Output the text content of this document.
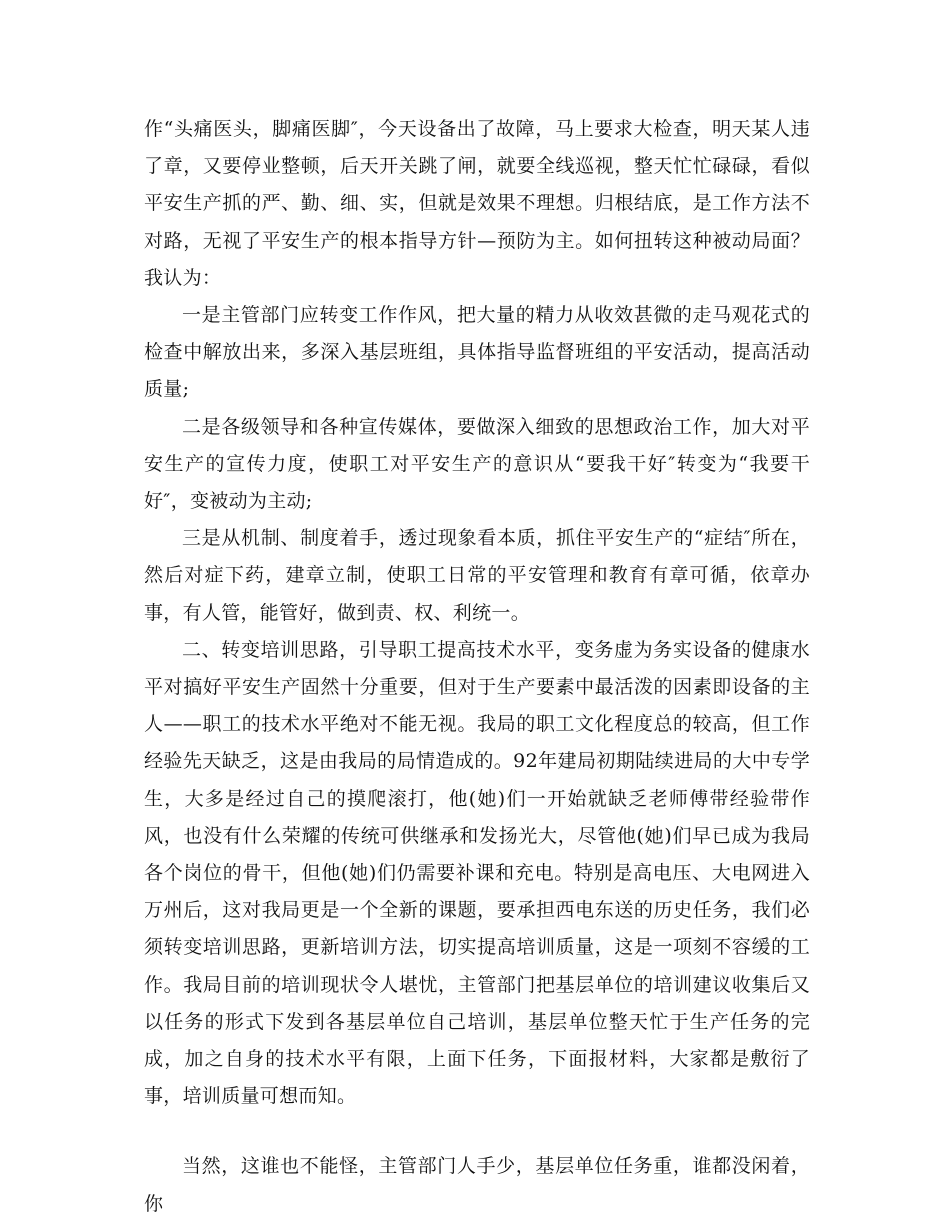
作“头痛医头，脚痛医脚″，今天设备出了故障，马上要求大检查，明天某人违了章，又要停业整顿，后天开关跳了闸，就要全线巡视，整天忙忙碌碌，看似平安生产抓的严、勤、细、实，但就是效果不理想。归根结底，是工作方法不对路，无视了平安生产的根本指导方针—预防为主。如何扭转这种被动局面？我认为：

一是主管部门应转变工作作风，把大量的精力从收效甚微的走马观花式的检查中解放出来，多深入基层班组，具体指导监督班组的平安活动，提高活动质量;

二是各级领导和各种宣传媒体，要做深入细致的思想政治工作，加大对平安生产的宣传力度，使职工对平安生产的意识从“要我干好″转变为“我要干好″，变被动为主动;

三是从机制、制度着手，透过现象看本质，抓住平安生产的“症结″所在，然后对症下药，建章立制，使职工日常的平安管理和教育有章可循，依章办事，有人管，能管好，做到责、权、利统一。

二、转变培训思路，引导职工提高技术水平，变务虚为务实设备的健康水平对搞好平安生产固然十分重要，但对于生产要素中最活泼的因素即设备的主人——职工的技术水平绝对不能无视。我局的职工文化程度总的较高，但工作经验先天缺乏，这是由我局的局情造成的。92年建局初期陆续进局的大中专学生，大多是经过自己的摸爬滚打，他(她)们一开始就缺乏老师傅带经验带作风，也没有什么荣耀的传统可供继承和发扬光大，尽管他(她)们早已成为我局各个岗位的骨干，但他(她)们仍需要补课和充电。特别是高电压、大电网进入万州后，这对我局更是一个全新的课题，要承担西电东送的历史任务，我们必须转变培训思路，更新培训方法，切实提高培训质量，这是一项刻不容缓的工作。我局目前的培训现状令人堪忧，主管部门把基层单位的培训建议收集后又以任务的形式下发到各基层单位自己培训，基层单位整天忙于生产任务的完成，加之自身的技术水平有限，上面下任务，下面报材料，大家都是敷衍了事，培训质量可想而知。

当然，这谁也不能怪，主管部门人手少，基层单位任务重，谁都没闲着，你
